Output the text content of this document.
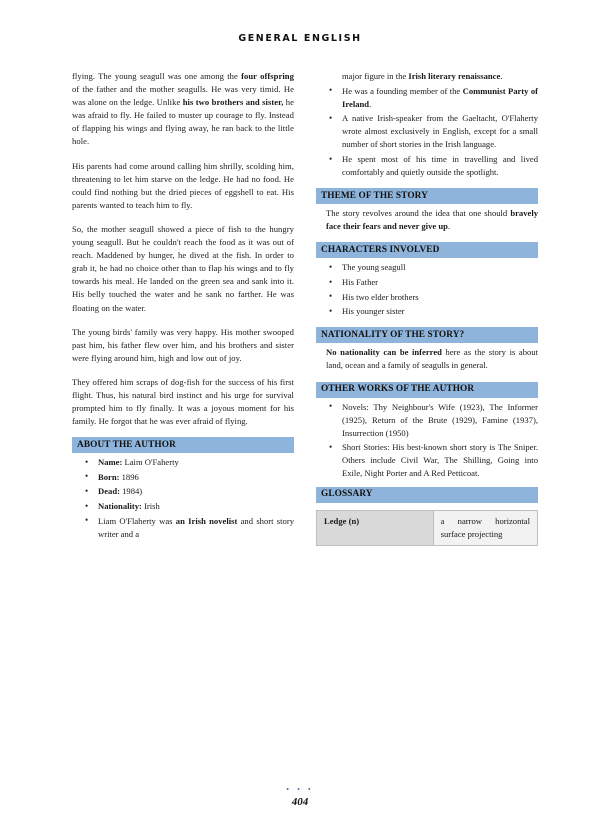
GENERAL ENGLISH

flying. The young seagull was one among the four offspring of the father and the mother seagulls. He was very timid. He was alone on the ledge. Unlike his two brothers and sister, he was afraid to fly. He failed to muster up courage to fly. Instead of flapping his wings and flying away, he ran back to the little hole.

His parents had come around calling him shrilly, scolding him, threatening to let him starve on the ledge. He had no food. He could find nothing but the dried pieces of eggshell to eat. His parents wanted to teach him to fly.

So, the mother seagull showed a piece of fish to the hungry young seagull. But he couldn't reach the food as it was out of reach. Maddened by hunger, he dived at the fish. In order to grab it, he had no choice other than to flap his wings and to fly towards his meal. He landed on the green sea and sank into it. His belly touched the water and he sank no farther. He was floating on the water.

The young birds' family was very happy. His mother swooped past him, his father flew over him, and his brothers and sister were flying around him, high and low out of joy.

They offered him scraps of dog-fish for the success of his first flight. Thus, his natural bird instinct and his urge for survival prompted him to fly finally. It was a joyous moment for his family. He forgot that he was ever afraid of flying.

ABOUT THE AUTHOR
• Name: Laim O'Faherty
• Born: 1896
• Dead: 1984)
• Nationality: Irish
• Liam O'Flaherty was an Irish novelist and short story writer and a
major figure in the Irish literary renaissance.
• He was a founding member of the Communist Party of Ireland.
• A native Irish-speaker from the Gaeltacht, O'Flaherty wrote almost exclusively in English, except for a small number of short stories in the Irish language.
• He spent most of his time in travelling and lived comfortably and quietly outside the spotlight.
THEME OF THE STORY
The story revolves around the idea that one should bravely face their fears and never give up.
CHARACTERS INVOLVED
• The young seagull
• His Father
• His two elder brothers
• His younger sister
NATIONALITY OF THE STORY?
No nationality can be inferred here as the story is about land, ocean and a family of seagulls in general.
OTHER WORKS OF THE AUTHOR
• Novels: Thy Neighbour's Wife (1923), The Informer (1925), Return of the Brute (1929), Famine (1937), Insurrection (1950)
• Short Stories: His best-known short story is The Sniper. Others include Civil War, The Shilling, Going into Exile, Night Porter and A Red Petticoat.
GLOSSARY
Ledge (n)	a narrow horizontal surface projecting
• • •
404
